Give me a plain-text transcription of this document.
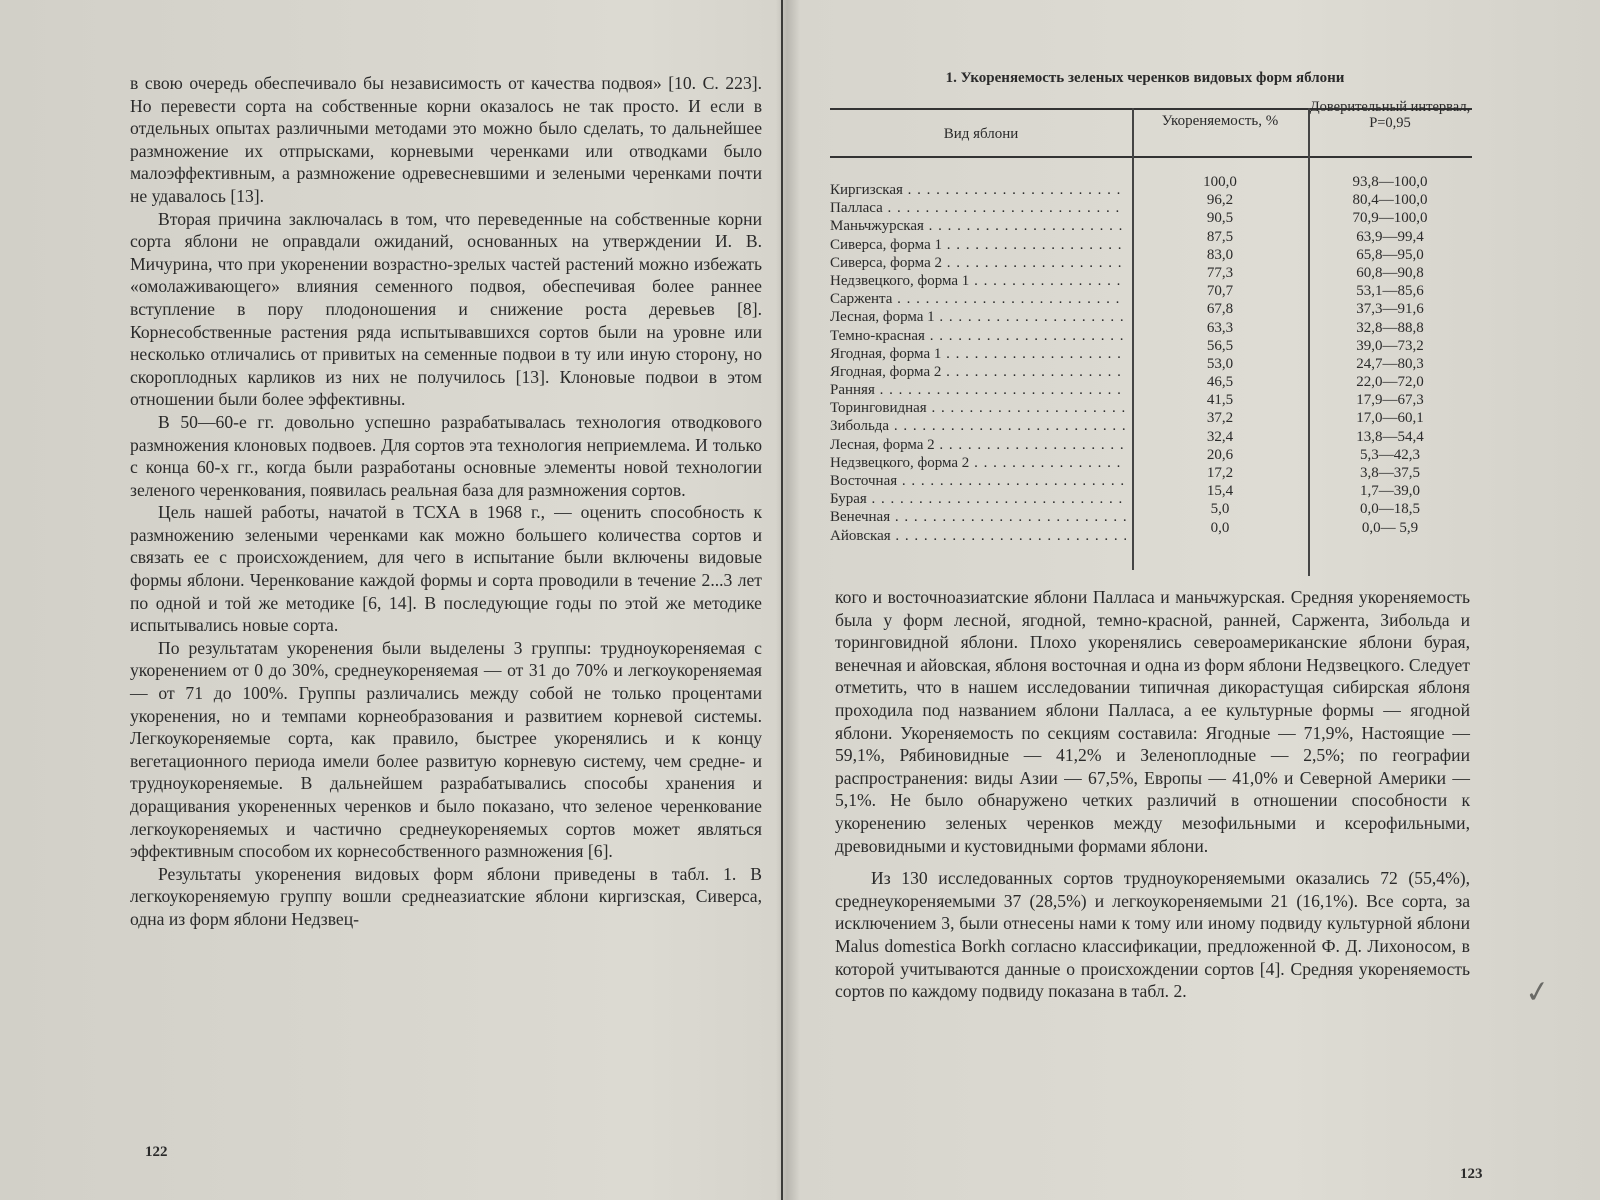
в свою очередь обеспечивало бы независимость от качества подвоя» [10. С. 223]. Но перевести сорта на собственные корни оказалось не так просто. И если в отдельных опытах различными методами это можно было сделать, то дальнейшее размножение их отпрысками, корневыми черенками или отводками было малоэффективным, а размножение одревесневшими и зелеными черенками почти не удавалось [13].

Вторая причина заключалась в том, что переведенные на собственные корни сорта яблони не оправдали ожиданий, основанных на утверждении И. В. Мичурина, что при укоренении возрастно-зрелых частей растений можно избежать «омолаживающего» влияния семенного подвоя, обеспечивая более раннее вступление в пору плодоношения и снижение роста деревьев [8]. Корнесобственные растения ряда испытывавшихся сортов были на уровне или несколько отличались от привитых на семенные подвои в ту или иную сторону, но скороплодных карликов из них не получилось [13]. Клоновые подвои в этом отношении были более эффективны.

В 50—60-е гг. довольно успешно разрабатывалась технология отводкового размножения клоновых подвоев. Для сортов эта технология неприемлема. И только с конца 60-х гг., когда были разработаны основные элементы новой технологии зеленого черенкования, появилась реальная база для размножения сортов.

Цель нашей работы, начатой в ТСХА в 1968 г., — оценить способность к размножению зелеными черенками как можно большего количества сортов и связать ее с происхождением, для чего в испытание были включены видовые формы яблони. Черенкование каждой формы и сорта проводили в течение 2...3 лет по одной и той же методике [6, 14]. В последующие годы по этой же методике испытывались новые сорта.

По результатам укоренения были выделены 3 группы: трудноукореняемая с укоренением от 0 до 30%, среднеукореняемая — от 31 до 70% и легкоукореняемая — от 71 до 100%. Группы различались между собой не только процентами укоренения, но и темпами корнеобразования и развитием корневой системы. Легкоукореняемые сорта, как правило, быстрее укоренялись и к концу вегетационного периода имели более развитую корневую систему, чем средне- и трудноукореняемые. В дальнейшем разрабатывались способы хранения и доращивания укорененных черенков и было показано, что зеленое черенкование легкоукореняемых и частично среднеукореняемых сортов может являться эффективным способом их корнесобственного размножения [6].

Результаты укоренения видовых форм яблони приведены в табл. 1. В легкоукореняемую группу вошли среднеазиатские яблони киргизская, Сиверса, одна из форм яблони Недзвец-

122
1. Укореняемость зеленых черенков видовых форм яблони
Вид яблони
Укореняемость, %
Доверительный интервал, Р=0,95
Киргизская . . .	100,0	93,8—100,0
Палласа . . .	96,2	80,4—100,0
Маньчжурская . . .	90,5	70,9—100,0
Сиверса, форма 1 . . .	87,5	63,9—99,4
Сиверса, форма 2 . . .	83,0	65,8—95,0
Недзвецкого, форма 1 . . .	77,3	60,8—90,8
Саржента . . .	70,7	53,1—85,6
Лесная, форма 1 . . .	67,8	37,3—91,6
Темно-красная . . .	63,3	32,8—88,8
Ягодная, форма 1 . . .	56,5	39,0—73,2
Ягодная, форма 2 . . .	53,0	24,7—80,3
Ранняя . . .	46,5	22,0—72,0
Торинговидная . . .	41,5	17,9—67,3
Зибольда . . .	37,2	17,0—60,1
Лесная, форма 2 . . .	32,4	13,8—54,4
Недзвецкого, форма 2 . . .	20,6	5,3—42,3
Восточная . . .	17,2	3,8—37,5
Бурая . . .	15,4	1,7—39,0
Венечная . . .	5,0	0,0—18,5
Айовская . . .	0,0	0,0— 5,9

кого и восточноазиатские яблони Палласа и маньчжурская. Средняя укореняемость была у форм лесной, ягодной, темно-красной, ранней, Саржента, Зибольда и торинговидной яблони. Плохо укоренялись североамериканские яблони бурая, венечная и айовская, яблоня восточная и одна из форм яблони Недзвецкого. Следует отметить, что в нашем исследовании типичная дикорастущая сибирская яблоня проходила под названием яблони Палласа, а ее культурные формы — ягодной яблони. Укореняемость по секциям составила: Ягодные — 71,9%, Настоящие — 59,1%, Рябиновидные — 41,2% и Зеленоплодные — 2,5%; по географии распространения: виды Азии — 67,5%, Европы — 41,0% и Северной Америки — 5,1%. Не было обнаружено четких различий в отношении способности к укоренению зеленых черенков между мезофильными и ксерофильными, древовидными и кустовидными формами яблони.

Из 130 исследованных сортов трудноукореняемыми оказались 72 (55,4%), среднеукореняемыми 37 (28,5%) и легкоукореняемыми 21 (16,1%). Все сорта, за исключением 3, были отнесены нами к тому или иному подвиду культурной яблони Malus domestica Borkh согласно классификации, предложенной Ф. Д. Лихоносом, в которой учитываются данные о происхождении сортов [4]. Средняя укореняемость сортов по каждому подвиду показана в табл. 2.	✓
123
